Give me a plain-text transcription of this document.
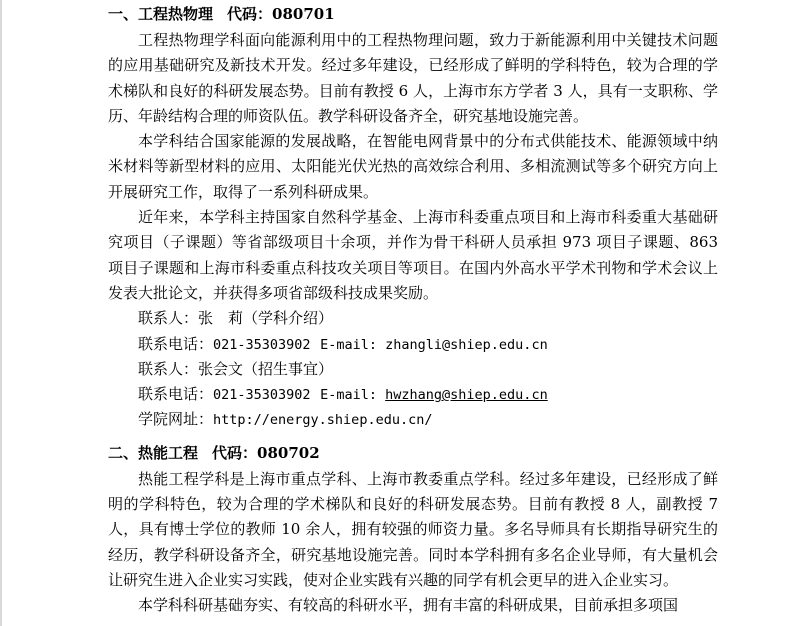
一、工程热物理 代码：080701

工程热物理学科面向能源利用中的工程热物理问题，致力于新能源利用中关键技术问题的应用基础研究及新技术开发。经过多年建设，已经形成了鲜明的学科特色，较为合理的学术梯队和良好的科研发展态势。目前有教授 6 人，上海市东方学者 3 人，具有一支职称、学历、年龄结构合理的师资队伍。教学科研设备齐全，研究基地设施完善。

本学科结合国家能源的发展战略，在智能电网背景中的分布式供能技术、能源领域中纳米材料等新型材料的应用、太阳能光伏光热的高效综合利用、多相流测试等多个研究方向上开展研究工作，取得了一系列科研成果。

近年来，本学科主持国家自然科学基金、上海市科委重点项目和上海市科委重大基础研究项目（子课题）等省部级项目十余项，并作为骨干科研人员承担 973 项目子课题、863 项目子课题和上海市科委重点科技攻关项目等项目。在国内外高水平学术刊物和学术会议上发表大批论文，并获得多项省部级科技成果奖励。

联系人：张　莉（学科介绍）
联系电话：021-35303902 E-mail: zhangli@shiep.edu.cn
联系人：张会文（招生事宜）
联系电话：021-35303902 E-mail: hwzhang@shiep.edu.cn
学院网址：http://energy.shiep.edu.cn/
二、热能工程 代码：080702

热能工程学科是上海市重点学科、上海市教委重点学科。经过多年建设，已经形成了鲜明的学科特色，较为合理的学术梯队和良好的科研发展态势。目前有教授 8 人，副教授 7 人，具有博士学位的教师 10 余人，拥有较强的师资力量。多名导师具有长期指导研究生的经历，教学科研设备齐全，研究基地设施完善。同时本学科拥有多名企业导师，有大量机会让研究生进入企业实习实践，使对企业实践有兴趣的同学有机会更早的进入企业实习。

本学科科研基础夯实、有较高的科研水平，拥有丰富的科研成果，目前承担多项国
